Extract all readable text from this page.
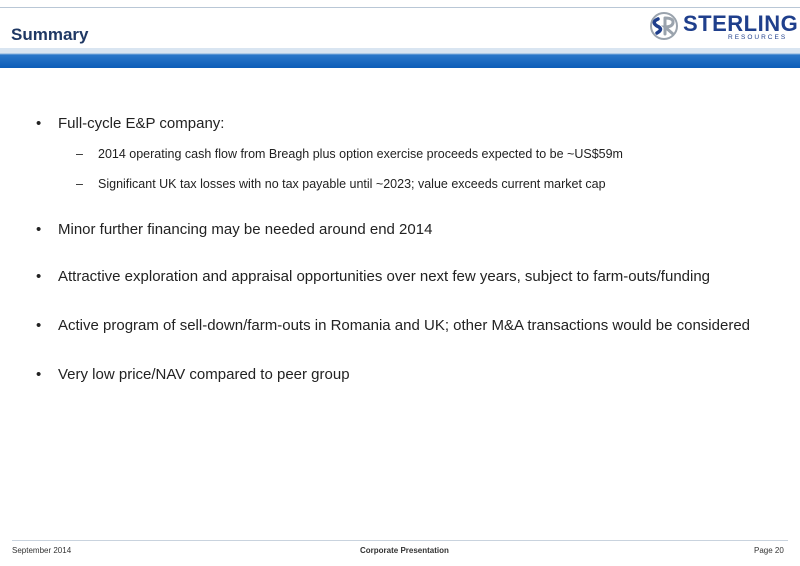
Summary	STERLING
RESOURCES
• Full-cycle E&P company:
– 2014 operating cash flow from Breagh plus option exercise proceeds expected to be ~US$59m
– Significant UK tax losses with no tax payable until ~2023; value exceeds current market cap
• Minor further financing may be needed around end 2014
• Attractive exploration and appraisal opportunities over next few years, subject to farm-outs/funding
• Active program of sell-down/farm-outs in Romania and UK; other M&A transactions would be considered
• Very low price/NAV compared to peer group
September 2014	Corporate Presentation	Page 20
